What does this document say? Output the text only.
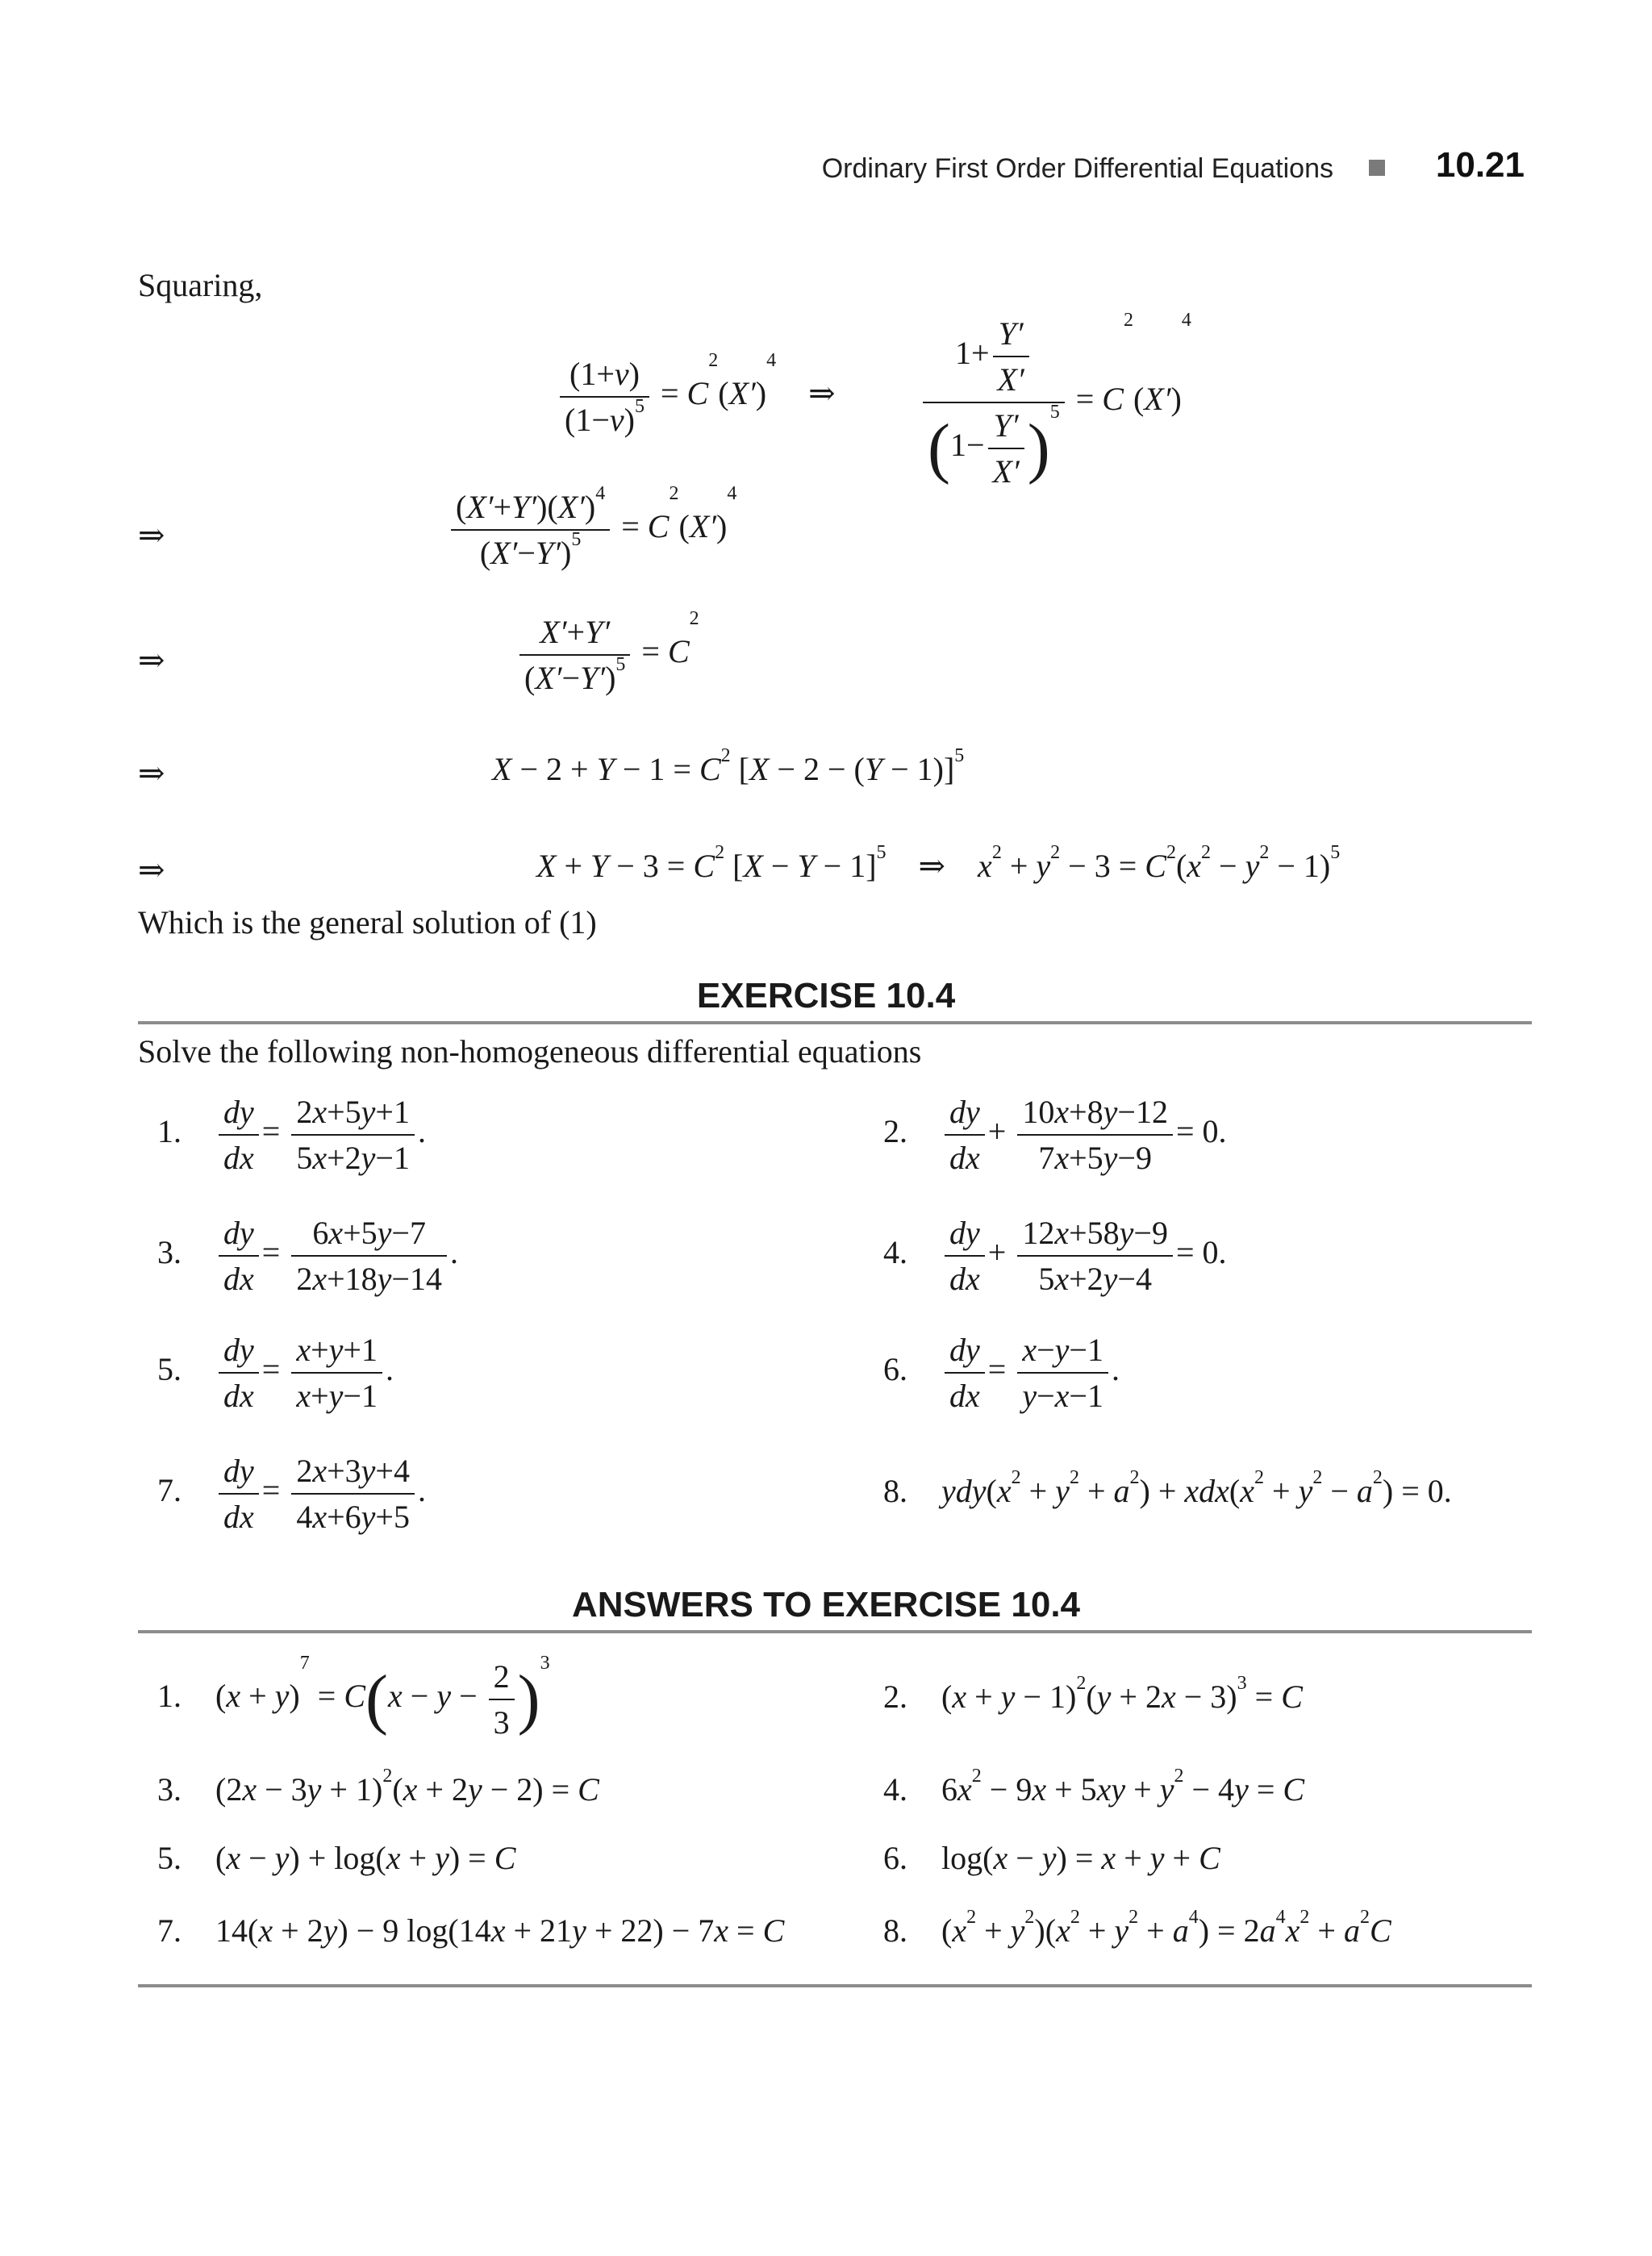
Ordinary First Order Differential Equations	10.21
Squaring,
$\frac{(1+v)}{(1-v)^5} = C^2(X')^4$    ⇒ $\frac{1+ \frac{Y'}{X'}}{(1- \frac{Y'}{X'} )^5} = C^2(X')^4$
⇒	$\frac{(X'+Y')(X')^4}{(X'-Y')^5} = C^2(X')^4$
⇒	$\frac{X'+Y'}{(X'-Y')^5} = C^2$
⇒	$X - 2 + Y - 1 = C^2$ $[X - 2 - (Y - 1)]^5$
⇒	$X + Y - 3 = C^2$ $[X - Y - 1]^5$    ⇒    $x^2 + y^2 - 3 = C^2(x^2 - y^2 - 1)^5$
Which is the general solution of (1)
EXERCISE 10.4
Solve the following non-homogeneous differential equations
1. $\frac{dy}{dx} = \frac{2x+5y+1}{5x+2y-1}$ .	2. $\frac{dy}{dx} + \frac{10x+8y-12}{7x+5y-9} = 0$.
3. $\frac{dy}{dx} = \frac{6x+5y-7}{2x+18y-14}$ .	4. $\frac{dy}{dx} + \frac{12x+58y-9}{5x+2y-4} = 0$.
5. $\frac{dy}{dx} = \frac{x+y+1}{x+y-1}$ .	6. $\frac{dy}{dx} = \frac{x-y-1}{y-x-1}$ .
7. $\frac{dy}{dx} = \frac{2x+3y+4}{4x+6y+5}$ .	8. $ydy(x^2 + y^2 + a^2) + xdx(x^2 + y^2 - a^2) = 0$.
ANSWERS TO EXERCISE 10.4
1. $(x + y)^7 = C(x - y - \frac{2}{3} )^3$
2. $(x + y - 1)^2(y + 2x - 3)^3 = C$
3. $(2x - 3y + 1)^2(x + 2y - 2) = C$	4. $6x^2 - 9x + 5xy + y^2 - 4y = C$
5. (x − y) + log(x + y) = C	6. log(x − y) = x + y + C
7. 14(x + 2y) − 9 log(14x + 21y + 22) − 7x = C	8. $(x^2 + y^2)(x^2 + y^2 + a^4) = 2a^4x^2 + a^2C$
